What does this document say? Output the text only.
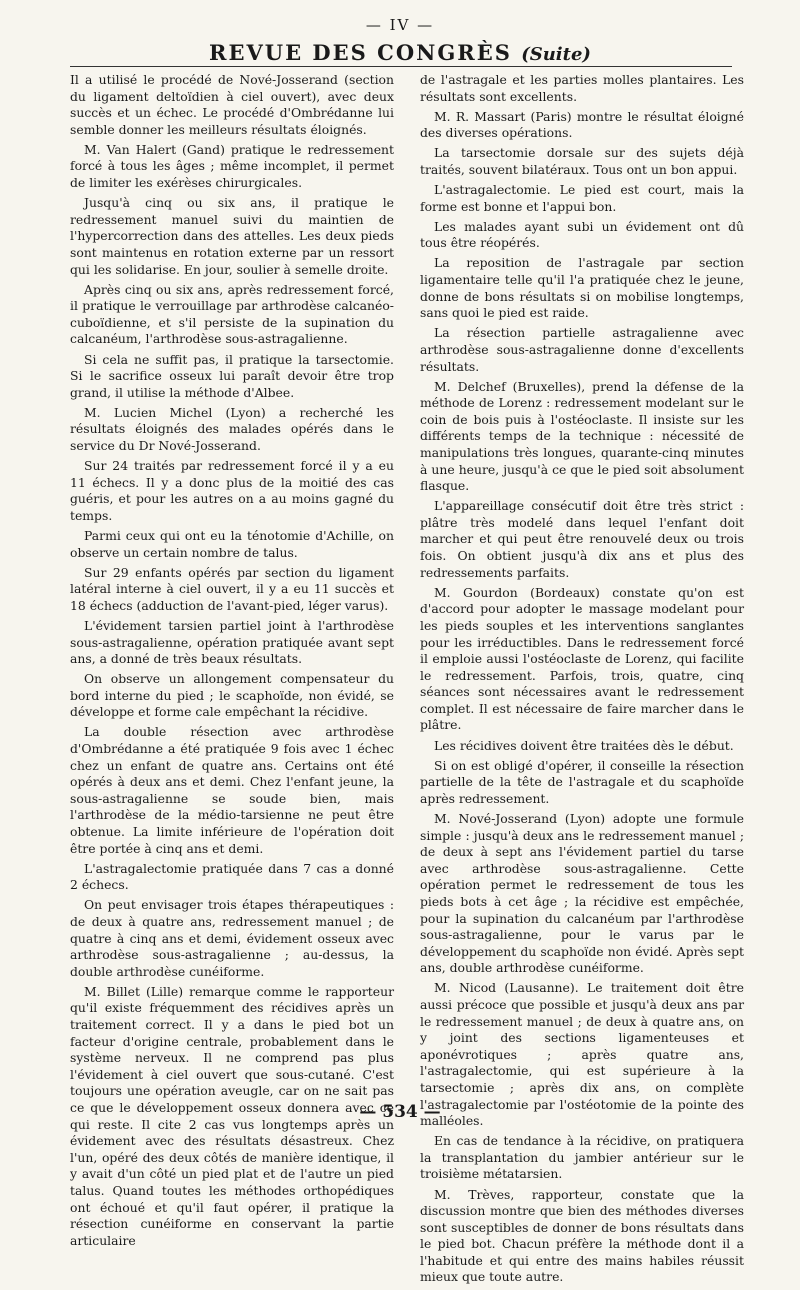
— IV —
REVUE DES CONGRÈS (Suite)

Il a utilisé le procédé de Nové-Josserand (section du ligament deltoïdien à ciel ouvert), avec deux succès et un échec. Le procédé d'Ombrédanne lui semble donner les meilleurs résultats éloignés.

M. Van Halert (Gand) pratique le redressement forcé à tous les âges ; même incomplet, il permet de limiter les exérèses chirurgicales.

Jusqu'à cinq ou six ans, il pratique le redressement manuel suivi du maintien de l'hypercorrection dans des attelles. Les deux pieds sont maintenus en rotation externe par un ressort qui les solidarise. En jour, soulier à semelle droite.

Après cinq ou six ans, après redressement forcé, il pratique le verrouillage par arthrodèse calcanéo-cuboïdienne, et s'il persiste de la supination du calcanéum, l'arthrodèse sous-astragalienne.

Si cela ne suffit pas, il pratique la tarsectomie. Si le sacrifice osseux lui paraît devoir être trop grand, il utilise la méthode d'Albee.

M. Lucien Michel (Lyon) a recherché les résultats éloignés des malades opérés dans le service du Dr Nové-Josserand.

Sur 24 traités par redressement forcé il y a eu 11 échecs. Il y a donc plus de la moitié des cas guéris, et pour les autres on a au moins gagné du temps.

Parmi ceux qui ont eu la ténotomie d'Achille, on observe un certain nombre de talus.

Sur 29 enfants opérés par section du ligament latéral interne à ciel ouvert, il y a eu 11 succès et 18 échecs (adduction de l'avant-pied, léger varus).

L'évidement tarsien partiel joint à l'arthrodèse sous-astragalienne, opération pratiquée avant sept ans, a donné de très beaux résultats.

On observe un allongement compensateur du bord interne du pied ; le scaphoïde, non évidé, se développe et forme cale empêchant la récidive.

La double résection avec arthrodèse d'Ombrédanne a été pratiquée 9 fois avec 1 échec chez un enfant de quatre ans. Certains ont été opérés à deux ans et demi. Chez l'enfant jeune, la sous-astragalienne se soude bien, mais l'arthrodèse de la médio-tarsienne ne peut être obtenue. La limite inférieure de l'opération doit être portée à cinq ans et demi.

L'astragalectomie pratiquée dans 7 cas a donné 2 échecs.

On peut envisager trois étapes thérapeutiques : de deux à quatre ans, redressement manuel ; de quatre à cinq ans et demi, évidement osseux avec arthrodèse sous-astragalienne ; au-dessus, la double arthrodèse cunéiforme.

M. Billet (Lille) remarque comme le rapporteur qu'il existe fréquemment des récidives après un traitement correct. Il y a dans le pied bot un facteur d'origine centrale, probablement dans le système nerveux. Il ne comprend pas plus l'évidement à ciel ouvert que sous-cutané. C'est toujours une opération aveugle, car on ne sait pas ce que le développement osseux donnera avec ce qui reste. Il cite 2 cas vus longtemps après un évidement avec des résultats désastreux. Chez l'un, opéré des deux côtés de manière identique, il y avait d'un côté un pied plat et de l'autre un pied talus. Quand toutes les méthodes orthopédiques ont échoué et qu'il faut opérer, il pratique la résection cunéiforme en conservant la partie articulaire

de l'astragale et les parties molles plantaires. Les résultats sont excellents.

M. R. Massart (Paris) montre le résultat éloigné des diverses opérations.

La tarsectomie dorsale sur des sujets déjà traités, souvent bilatéraux. Tous ont un bon appui.

L'astragalectomie. Le pied est court, mais la forme est bonne et l'appui bon.

Les malades ayant subi un évidement ont dû tous être réopérés.

La reposition de l'astragale par section ligamentaire telle qu'il l'a pratiquée chez le jeune, donne de bons résultats si on mobilise longtemps, sans quoi le pied est raide.

La résection partielle astragalienne avec arthrodèse sous-astragalienne donne d'excellents résultats.

M. Delchef (Bruxelles), prend la défense de la méthode de Lorenz : redressement modelant sur le coin de bois puis à l'ostéoclaste. Il insiste sur les différents temps de la technique : nécessité de manipulations très longues, quarante-cinq minutes à une heure, jusqu'à ce que le pied soit absolument flasque.

L'appareillage consécutif doit être très strict : plâtre très modelé dans lequel l'enfant doit marcher et qui peut être renouvelé deux ou trois fois. On obtient jusqu'à dix ans et plus des redressements parfaits.

M. Gourdon (Bordeaux) constate qu'on est d'accord pour adopter le massage modelant pour les pieds souples et les interventions sanglantes pour les irréductibles. Dans le redressement forcé il emploie aussi l'ostéoclaste de Lorenz, qui facilite le redressement. Parfois, trois, quatre, cinq séances sont nécessaires avant le redressement complet. Il est nécessaire de faire marcher dans le plâtre.

Les récidives doivent être traitées dès le début.

Si on est obligé d'opérer, il conseille la résection partielle de la tête de l'astragale et du scaphoïde après redressement.

M. Nové-Josserand (Lyon) adopte une formule simple : jusqu'à deux ans le redressement manuel ; de deux à sept ans l'évidement partiel du tarse avec arthrodèse sous-astragalienne. Cette opération permet le redressement de tous les pieds bots à cet âge ; la récidive est empêchée, pour la supination du calcanéum par l'arthrodèse sous-astragalienne, pour le varus par le développement du scaphoïde non évidé. Après sept ans, double arthrodèse cunéiforme.

M. Nicod (Lausanne). Le traitement doit être aussi précoce que possible et jusqu'à deux ans par le redressement manuel ; de deux à quatre ans, on y joint des sections ligamenteuses et aponévrotiques ; après quatre ans, l'astragalectomie, qui est supérieure à la tarsectomie ; après dix ans, on complète l'astragalectomie par l'ostéotomie de la pointe des malléoles.

En cas de tendance à la récidive, on pratiquera la transplantation du jambier antérieur sur le troisième métatarsien.

M. Trèves, rapporteur, constate que la discussion montre que bien des méthodes diverses sont susceptibles de donner de bons résultats dans le pied bot. Chacun préfère la méthode dont il a l'habitude et qui entre des mains habiles réussit mieux que toute autre.

— 534 —
